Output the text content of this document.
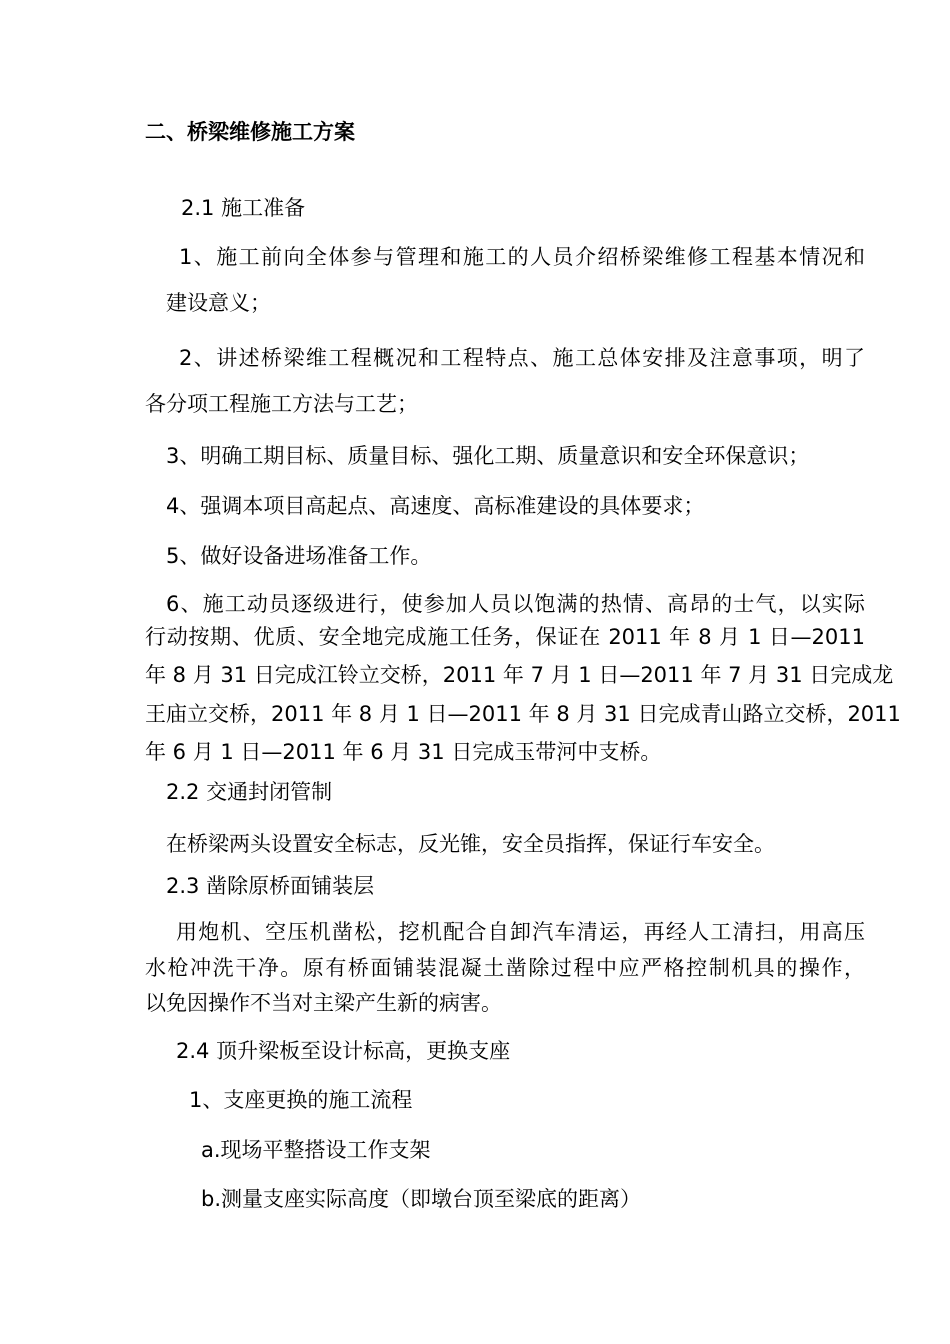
二、桥梁维修施工方案
2.1 施工准备
1、施工前向全体参与管理和施工的人员介绍桥梁维修工程基本情况和
建设意义；
2、讲述桥梁维工程概况和工程特点、施工总体安排及注意事项，明了
各分项工程施工方法与工艺；
3、明确工期目标、质量目标、强化工期、质量意识和安全环保意识；
4、强调本项目高起点、高速度、高标准建设的具体要求；
5、做好设备进场准备工作。
6、施工动员逐级进行，使参加人员以饱满的热情、高昂的士气，以实际
行动按期、优质、安全地完成施工任务，保证在 2011 年 8 月 1 日—2011
年 8 月 31 日完成江铃立交桥，2011 年 7 月 1 日—2011 年 7 月 31 日完成龙
王庙立交桥，2011 年 8 月 1 日—2011 年 8 月 31 日完成青山路立交桥，2011
年 6 月 1 日—2011 年 6 月 31 日完成玉带河中支桥。
2.2 交通封闭管制
在桥梁两头设置安全标志，反光锥，安全员指挥，保证行车安全。
2.3 凿除原桥面铺装层
用炮机、空压机凿松，挖机配合自卸汽车清运，再经人工清扫，用高压
水枪冲洗干净。原有桥面铺装混凝土凿除过程中应严格控制机具的操作，
以免因操作不当对主梁产生新的病害。
2.4 顶升梁板至设计标高，更换支座
1、支座更换的施工流程
a.现场平整搭设工作支架
b.测量支座实际高度（即墩台顶至梁底的距离）
